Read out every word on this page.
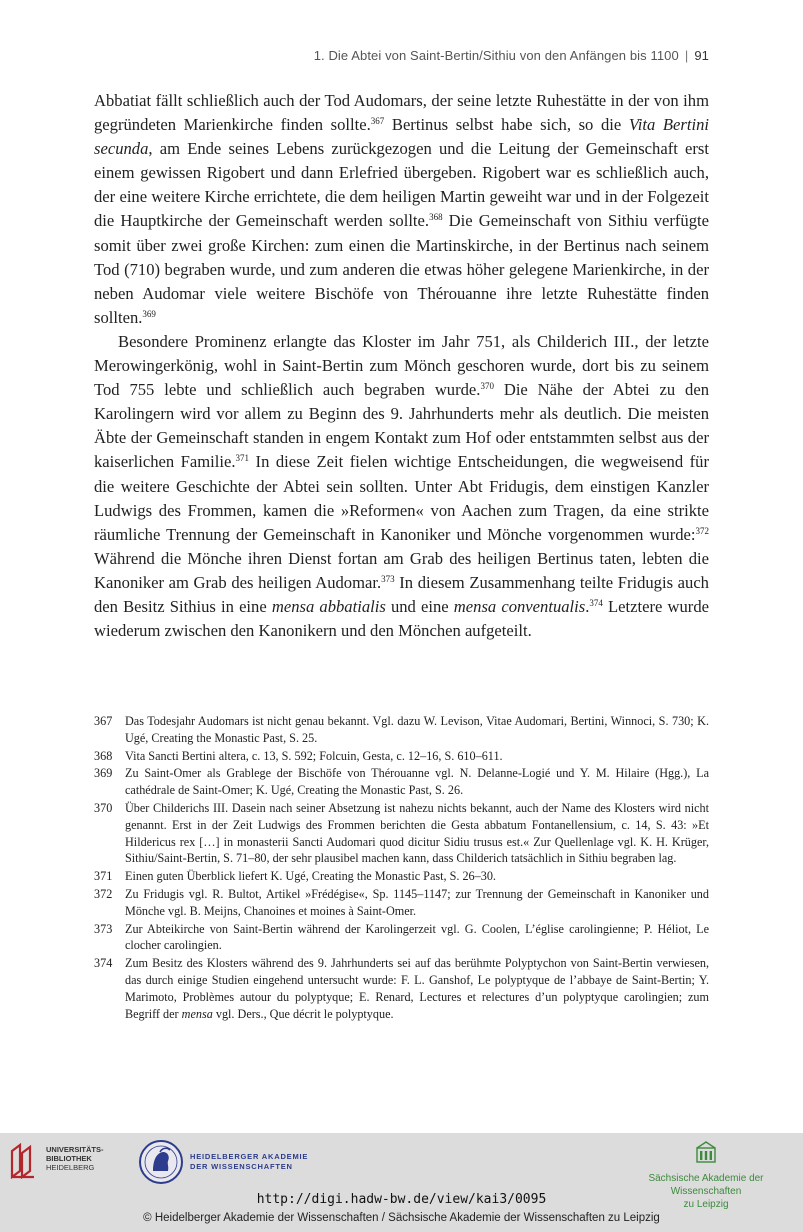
1. Die Abtei von Saint-Bertin/Sithiu von den Anfängen bis 1100 | 91

Abbatiat fällt schließlich auch der Tod Audomars, der seine letzte Ruhestätte in der von ihm gegründeten Marienkirche finden sollte.$^{367}$ Bertinus selbst habe sich, so die Vita Bertini secunda, am Ende seines Lebens zurückgezogen und die Leitung der Gemeinschaft erst einem gewissen Rigobert und dann Erlefried übergeben. Rigobert war es schließlich auch, der eine weitere Kirche errichtete, die dem heiligen Martin geweiht war und in der Folgezeit die Hauptkirche der Gemeinschaft werden sollte.$^{368}$ Die Gemeinschaft von Sithiu verfügte somit über zwei große Kirchen: zum einen die Martinskirche, in der Bertinus nach seinem Tod (710) begraben wurde, und zum anderen die etwas höher gelegene Marienkirche, in der neben Audomar viele weitere Bischöfe von Thérouanne ihre letzte Ruhestätte finden sollten.$^{369}$

Besondere Prominenz erlangte das Kloster im Jahr 751, als Childerich III., der letzte Merowingerkönig, wohl in Saint-Bertin zum Mönch geschoren wurde, dort bis zu seinem Tod 755 lebte und schließlich auch begraben wurde.$^{370}$ Die Nähe der Abtei zu den Karolingern wird vor allem zu Beginn des 9. Jahrhunderts mehr als deutlich. Die meisten Äbte der Gemeinschaft standen in engem Kontakt zum Hof oder entstammten selbst aus der kaiserlichen Familie.$^{371}$ In diese Zeit fielen wichtige Entscheidungen, die wegweisend für die weitere Geschichte der Abtei sein sollten. Unter Abt Fridugis, dem einstigen Kanzler Ludwigs des Frommen, kamen die »Reformen« von Aachen zum Tragen, da eine strikte räumliche Trennung der Gemeinschaft in Kanoniker und Mönche vorgenommen wurde:$^{372}$ Während die Mönche ihren Dienst fortan am Grab des heiligen Bertinus taten, lebten die Kanoniker am Grab des heiligen Audomar.$^{373}$ In diesem Zusammenhang teilte Fridugis auch den Besitz Sithius in eine mensa abbatialis und eine mensa conventualis.$^{374}$ Letztere wurde wiederum zwischen den Kanonikern und den Mönchen aufgeteilt.

367	Das Todesjahr Audomars ist nicht genau bekannt. Vgl. dazu W. Levison, Vitae Audomari, Bertini, Winnoci, S. 730; K. Ugé, Creating the Monastic Past, S. 25.
368	Vita Sancti Bertini altera, c. 13, S. 592; Folcuin, Gesta, c. 12–16, S. 610–611.
369	Zu Saint-Omer als Grablege der Bischöfe von Thérouanne vgl. N. Delanne-Logié und Y. M. Hilaire (Hgg.), La cathédrale de Saint-Omer; K. Ugé, Creating the Monastic Past, S. 26.
370	Über Childerichs III. Dasein nach seiner Absetzung ist nahezu nichts bekannt, auch der Name des Klosters wird nicht genannt. Erst in der Zeit Ludwigs des Frommen berichten die Gesta abbatum Fontanellensium, c. 14, S. 43: »Et Hildericus rex […] in monasterii Sancti Audomari quod dicitur Sidiu trusus est.« Zur Quellenlage vgl. K. H. Krüger, Sithiu/Saint-Bertin, S. 71–80, der sehr plausibel machen kann, dass Childerich tatsächlich in Sithiu begraben lag.
371	Einen guten Überblick liefert K. Ugé, Creating the Monastic Past, S. 26–30.
372	Zu Fridugis vgl. R. Bultot, Artikel »Frédégise«, Sp. 1145–1147; zur Trennung der Gemeinschaft in Kanoniker und Mönche vgl. B. Meijns, Chanoines et moines à Saint-Omer.
373	Zur Abteikirche von Saint-Bertin während der Karolingerzeit vgl. G. Coolen, L’église carolingienne; P. Héliot, Le clocher carolingien.
374	Zum Besitz des Klosters während des 9. Jahrhunderts sei auf das berühmte Polyptychon von Saint-Bertin verwiesen, das durch einige Studien eingehend untersucht wurde: F. L. Ganshof, Le polyptyque de l’abbaye de Saint-Bertin; Y. Marimoto, Problèmes autour du polyptyque; E. Renard, Lectures et relectures d’un polyptyque carolingien; zum Begriff der mensa vgl. Ders., Que décrit le polyptyque.
UNIVERSITÄTS-
BIBLIOTHEK
HEIDELBERG
HEIDELBERGER AKADEMIE
DER WISSENSCHAFTEN
Sächsische Akademie der Wissenschaften
zu Leipzig
http://digi.hadw-bw.de/view/kai3/0095
© Heidelberger Akademie der Wissenschaften / Sächsische Akademie der Wissenschaften zu Leipzig
